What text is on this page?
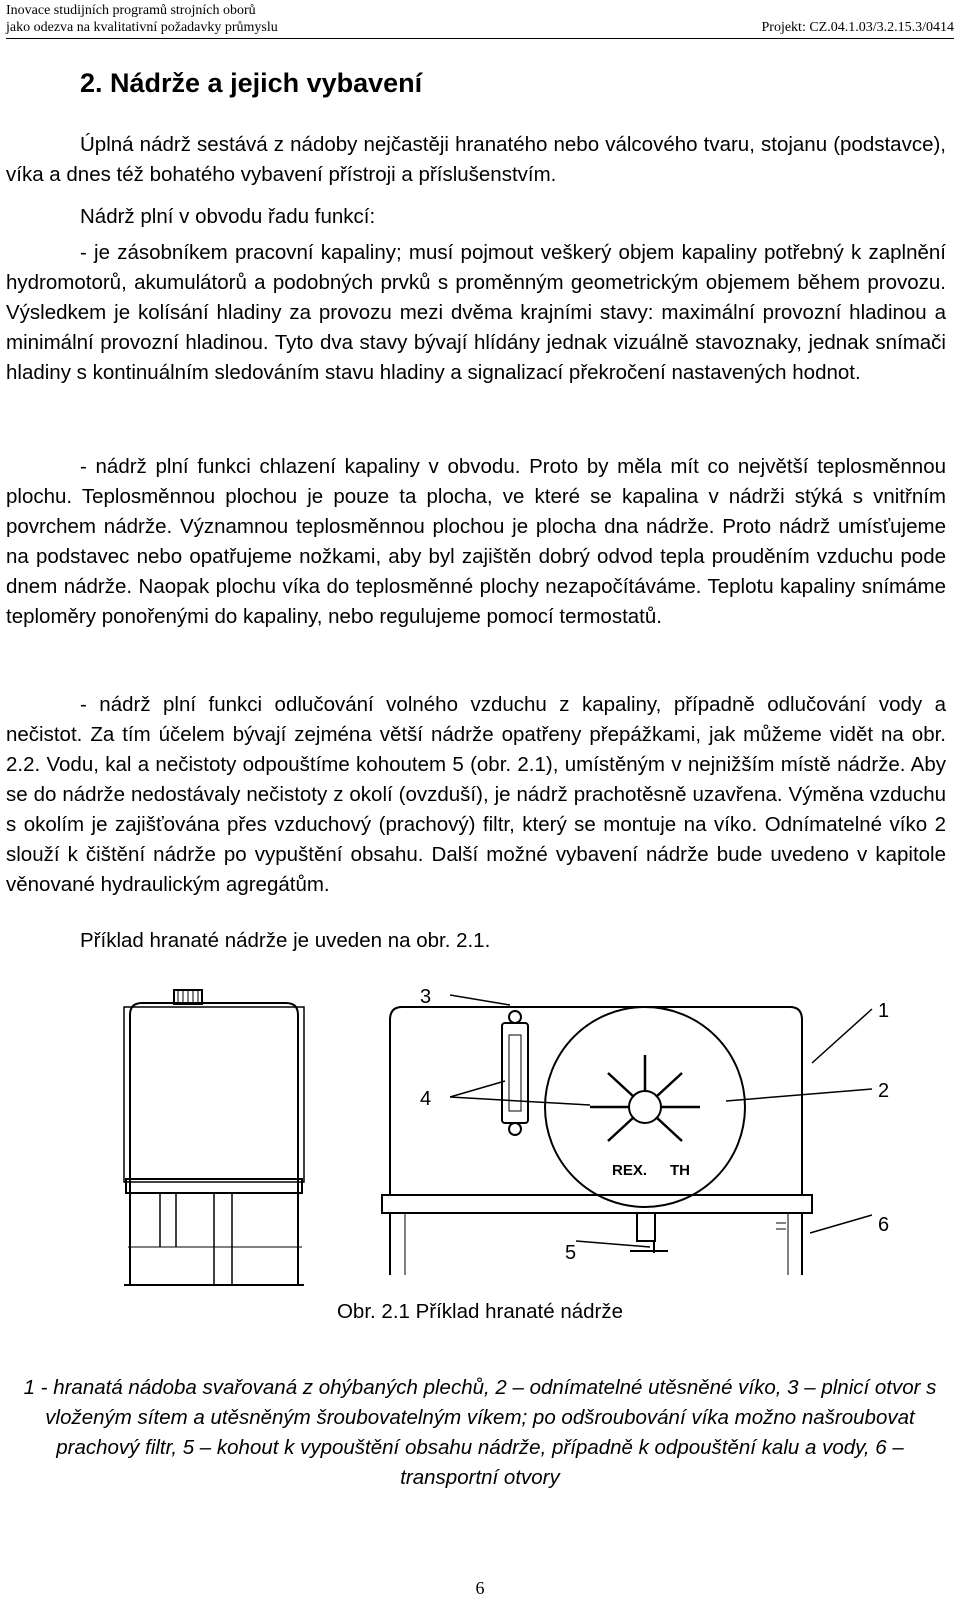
Inovace studijních programů strojních oborů
jako odezva na kvalitativní požadavky průmyslu	Projekt: CZ.04.1.03/3.2.15.3/0414
2. Nádrže a jejich vybavení

Úplná nádrž sestává z nádoby nejčastěji hranatého nebo válcového tvaru, stojanu (podstavce), víka a dnes též bohatého vybavení přístroji a příslušenstvím.

Nádrž plní v obvodu řadu funkcí:

- je zásobníkem pracovní kapaliny; musí pojmout veškerý objem kapaliny potřebný k zaplnění hydromotorů, akumulátorů a podobných prvků s proměnným geometrickým objemem během provozu. Výsledkem je kolísání hladiny za provozu mezi dvěma krajními stavy: maximální provozní hladinou a minimální provozní hladinou. Tyto dva stavy bývají hlídány jednak vizuálně stavoznaky, jednak snímači hladiny s kontinuálním sledováním stavu hladiny a signalizací překročení nastavených hodnot.

- nádrž plní funkci chlazení kapaliny v obvodu. Proto by měla mít co největší teplosměnnou plochu. Teplosměnnou plochou je pouze ta plocha, ve které se kapalina v nádrži stýká s vnitřním povrchem nádrže. Významnou teplosměnnou plochou je plocha dna nádrže. Proto nádrž umísťujeme na podstavec nebo opatřujeme nožkami, aby byl zajištěn dobrý odvod tepla prouděním vzduchu pode dnem nádrže. Naopak plochu víka do teplosměnné plochy nezapočítáváme. Teplotu kapaliny snímáme teploměry ponořenými do kapaliny, nebo regulujeme pomocí termostatů.

- nádrž plní funkci odlučování volného vzduchu z kapaliny, případně odlučování vody a nečistot. Za tím účelem bývají zejména větší nádrže opatřeny přepážkami, jak můžeme vidět na obr. 2.2. Vodu, kal a nečistoty odpouštíme kohoutem 5 (obr. 2.1), umístěným v nejnižším místě nádrže. Aby se do nádrže nedostávaly nečistoty z okolí (ovzduší), je nádrž prachotěsně uzavřena. Výměna vzduchu s okolím je zajišťována přes vzduchový (prachový) filtr, který se montuje na víko. Odnímatelné víko 2 slouží k čištění nádrže po vypuštění obsahu. Další možné vybavení nádrže bude uvedeno v kapitole věnované hydraulickým agregátům.

Příklad hranaté nádrže je uveden na obr. 2.1.

REX. TH
3
1
4	2
6
5
Obr. 2.1 Příklad hranaté nádrže
1 - hranatá nádoba svařovaná z ohýbaných plechů, 2 – odnímatelné utěsněné víko, 3 – plnicí otvor s vloženým sítem a utěsněným šroubovatelným víkem; po odšroubování víka možno našroubovat prachový filtr, 5 – kohout k vypouštění obsahu nádrže, případně k odpouštění kalu a vody, 6 – transportní otvory
6
